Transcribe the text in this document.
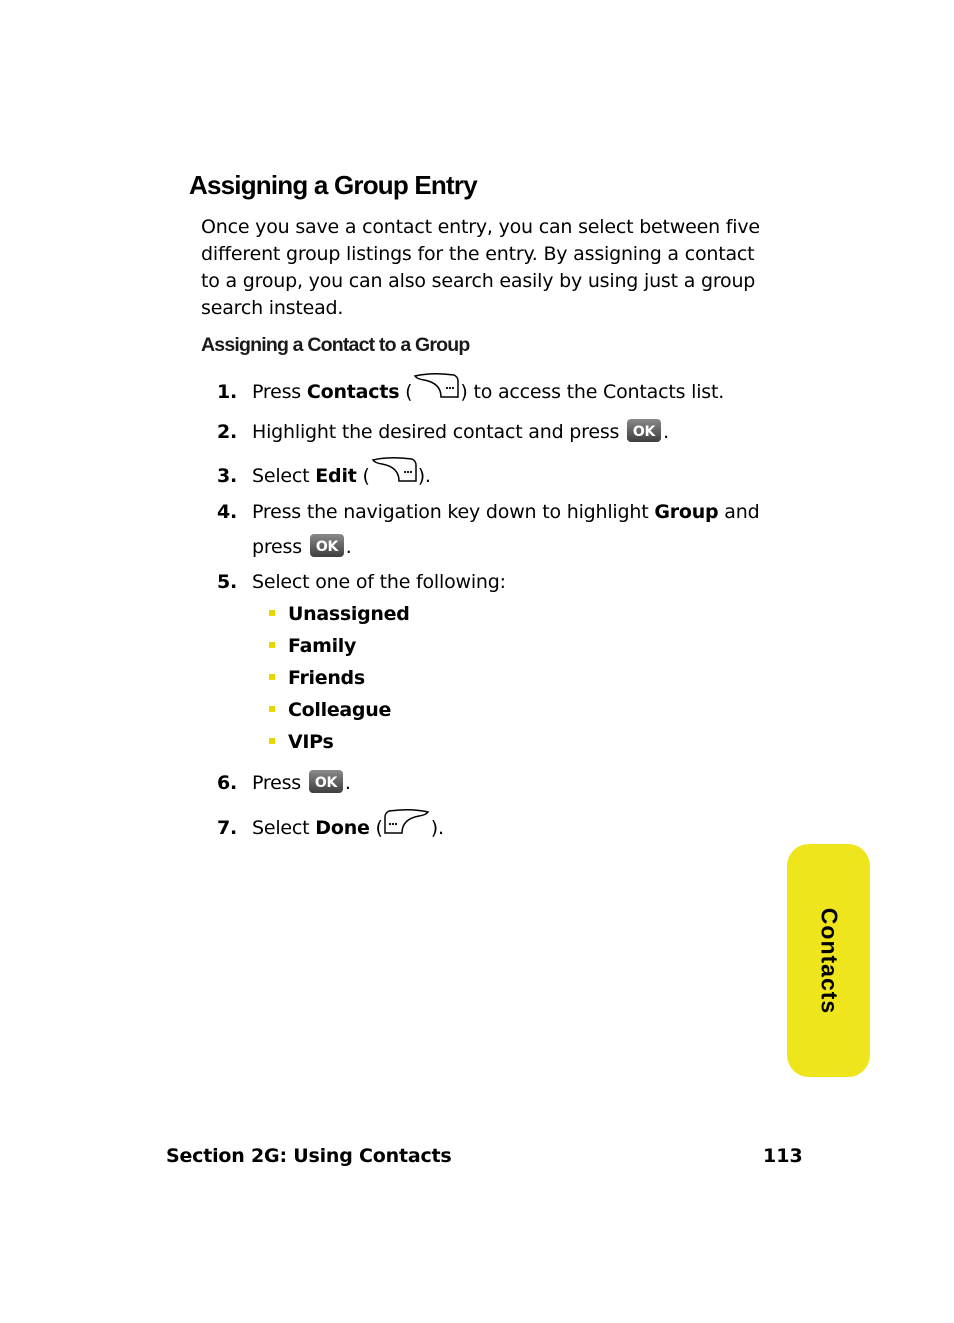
Assigning a Group Entry
Once you save a contact entry, you can select between five different group listings for the entry. By assigning a contact to a group, you can also search easily by using just a group search instead.
Assigning a Contact to a Group
1. Press Contacts (	) to access the Contacts list.
2. Highlight the desired contact and press OK .
3. Select Edit (	).
4. Press the navigation key down to highlight Group and
press OK .
5. Select one of the following:
Unassigned
Family
Friends
Colleague
VIPs
6. Press OK .
7. Select Done (	).
Contacts
Section 2G: Using Contacts	113
